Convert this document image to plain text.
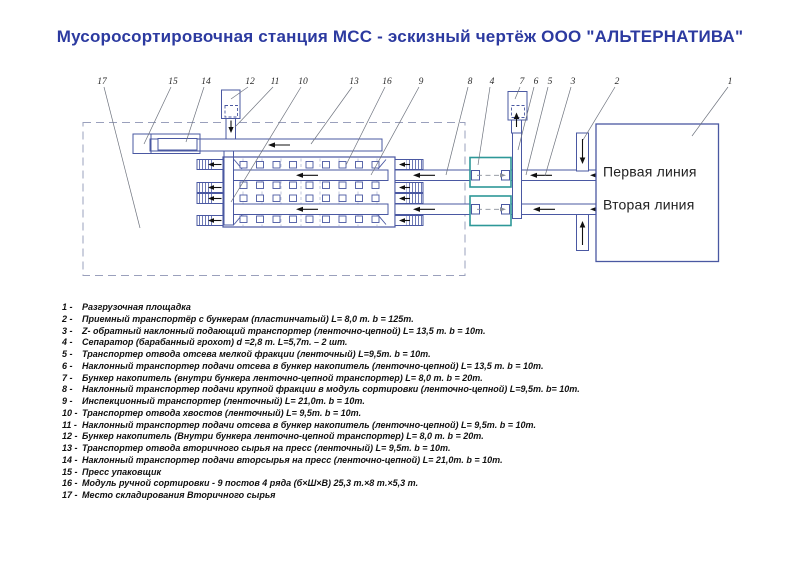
Мусоросортировочная станция МСС - эскизный чертёж ООО "АЛЬТЕРНАТИВА"
Первая линия
Вторая линия
17	15 14	12 11 10	13 16	9	8 4	7 6 5 3	2	1
1 - Разгрузочная площадка
2 - Приемный транспортёр с бункерам (пластинчатый) L= 8,0 m. b = 125m.
3 - Z- обратный наклонный подающий транспортер (ленточно-цепной) L= 13,5 m. b = 10m.
4 - Сепаратор (барабанный грохот) d =2,8 m. L=5,7m. – 2 шт.
5 - Транспортер отвода отсева мелкой фракции (ленточный) L=9,5m. b = 10m.
6 - Наклонный транспортер подачи отсева в бункер накопитель (ленточно-цепной) L= 13,5 m. b = 10m.
7 - Бункер накопитель (внутри бункера ленточно-цепной транспортер) L= 8,0 m. b = 20m.
8 - Наклонный транспортер подачи крупной фракции в модуль сортировки (ленточно-цепной) L=9,5m. b= 10m.
9 - Инспекционный транспортер (ленточный) L= 21,0m. b = 10m.
10 - Транспортер отвода хвостов (ленточный) L= 9,5m. b = 10m.
11 - Наклонный транспортер подачи отсева в бункер накопитель (ленточно-цепной) L= 9,5m. b = 10m.
12 - Бункер накопитель (Внутри бункера ленточно-цепной транспортер) L= 8,0 m. b = 20m.
13 - Транспортер отвода вторичного сырья на пресс (ленточный) L= 9,5m. b = 10m.
14 - Наклонный транспортер подачи вторсырья на пресс (ленточно-цепной) L= 21,0m. b = 10m.
15 - Пресс упаковщик
16 - Модуль ручной сортировки - 9 постов 4 ряда (б×Ш×В) 25,3 m.×8 m.×5,3 m.
17 - Место складирования Вторичного сырья
